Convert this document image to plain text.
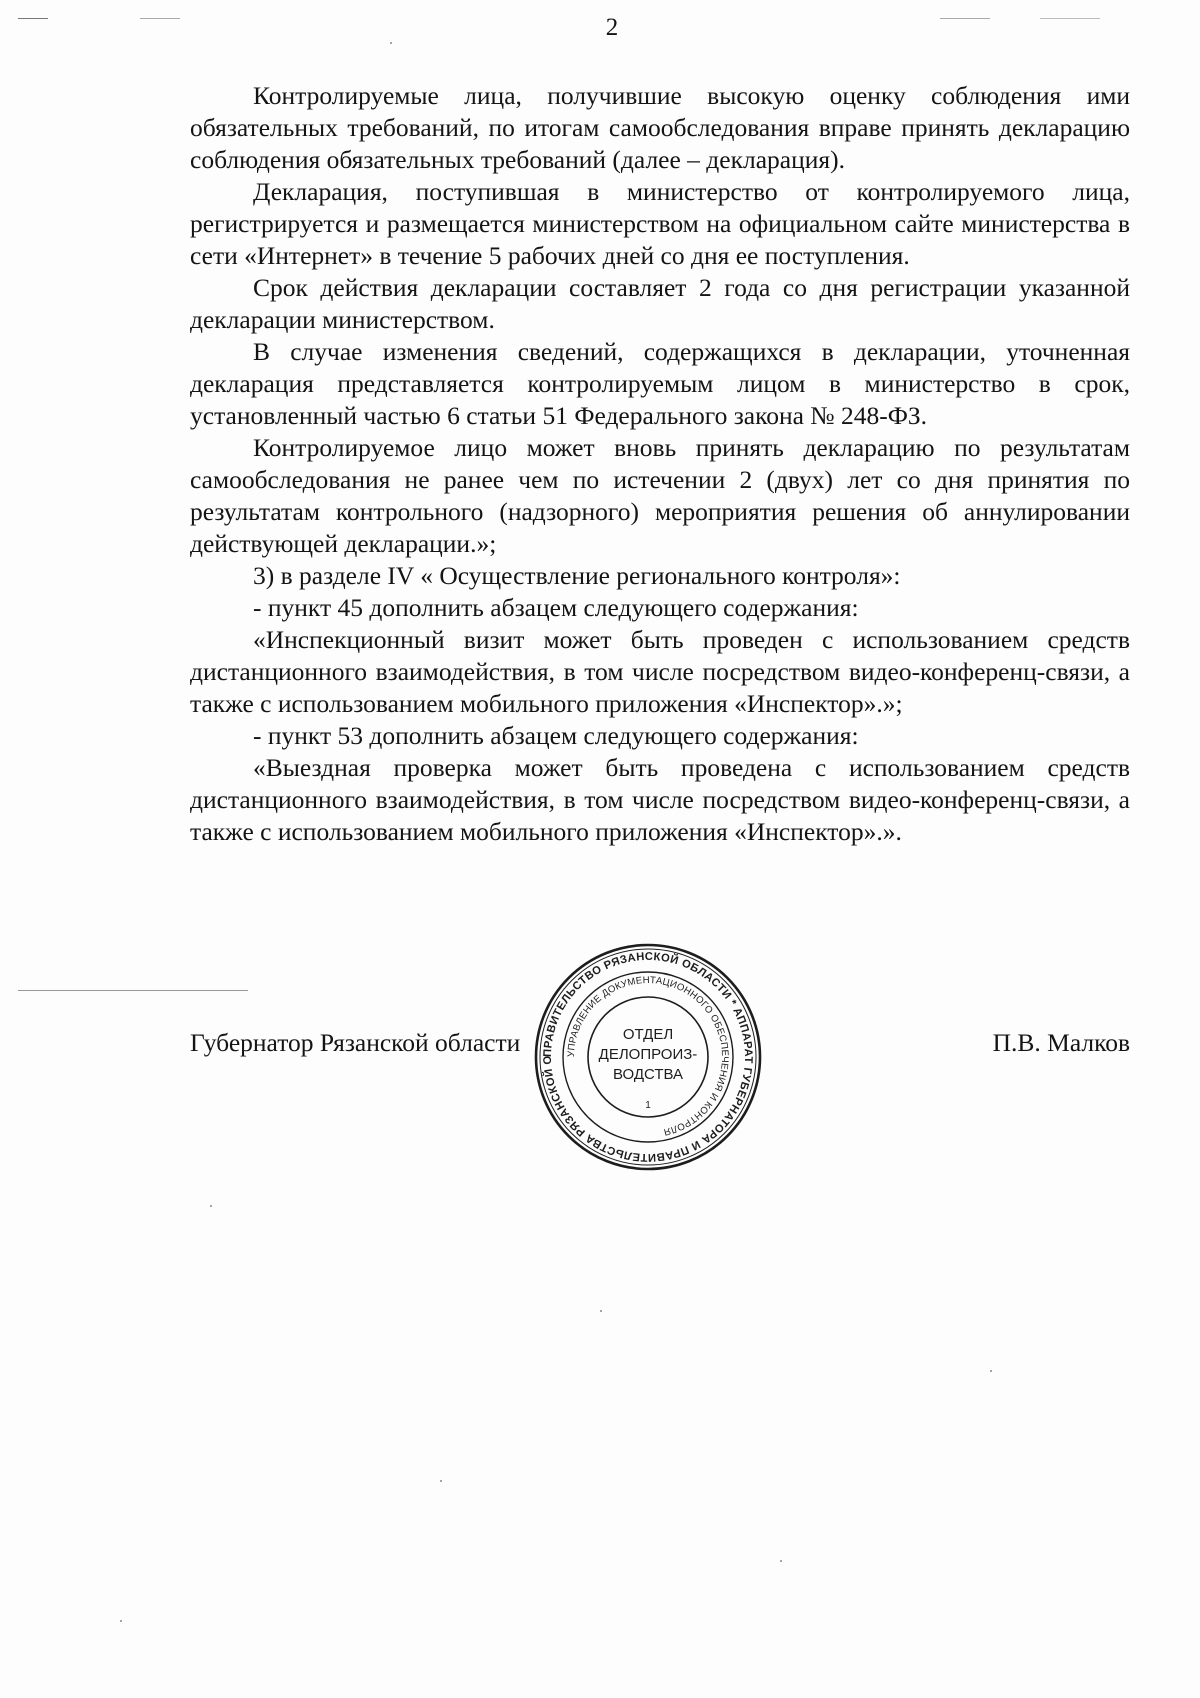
2

Контролируемые лица, получившие высокую оценку соблюдения ими обязательных требований, по итогам самообследования вправе принять декларацию соблюдения обязательных требований (далее – декларация).

Декларация, поступившая в министерство от контролируемого лица, регистрируется и размещается министерством на официальном сайте министерства в сети «Интернет» в течение 5 рабочих дней со дня ее поступления.

Срок действия декларации составляет 2 года со дня регистрации указанной декларации министерством.

В случае изменения сведений, содержащихся в декларации, уточненная декларация представляется контролируемым лицом в министерство в срок, установленный частью 6 статьи 51 Федерального закона № 248-ФЗ.

Контролируемое лицо может вновь принять декларацию по результатам самообследования не ранее чем по истечении 2 (двух) лет со дня принятия по результатам контрольного (надзорного) мероприятия решения об аннулировании действующей декларации.»;

3) в разделе IV « Осуществление регионального контроля»:

- пункт 45 дополнить абзацем следующего содержания:

«Инспекционный визит может быть проведен с использованием средств дистанционного взаимодействия, в том числе посредством видео-конференц-связи, а также с использованием мобильного приложения «Инспектор».»;

- пункт 53 дополнить абзацем следующего содержания:

«Выездная проверка может быть проведена с использованием средств дистанционного взаимодействия, в том числе посредством видео-конференц-связи, а также с использованием мобильного приложения «Инспектор».».

Губернатор Рязанской области	П.В. Малков
ПРАВИТЕЛЬСТВО РЯЗАНСКОЙ ОБЛАСТИ * АППАРАТ ГУБЕРНАТОРА И ПРАВИТЕЛЬСТВА РЯЗАНСКОЙ О
УПРАВЛЕНИЕ ДОКУМЕНТАЦИОННОГО ОБЕСПЕЧЕНИЯ И КОНТРОЛЯ
ОТДЕЛ
ДЕЛОПРОИЗ-
ВОДСТВА
1
